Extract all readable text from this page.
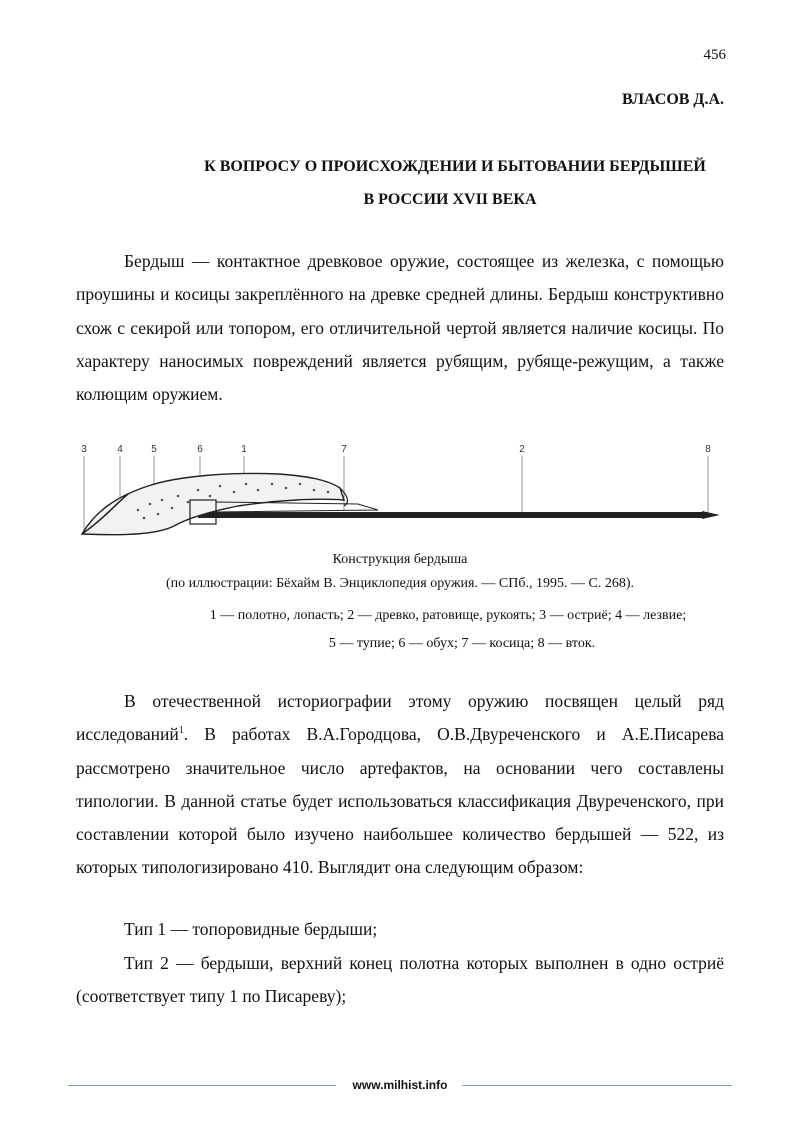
456
ВЛАСОВ Д.А.
К ВОПРОСУ О ПРОИСХОЖДЕНИИ И БЫТОВАНИИ БЕРДЫШЕЙ
В РОССИИ XVII ВЕКА

Бердыш — контактное древковое оружие, состоящее из железка, с помощью проушины и косицы закреплённого на древке средней длины. Бердыш конструктивно схож с секирой или топором, его отличительной чертой является наличие косицы. По характеру наносимых повреждений является рубящим, рубяще-режущим, а также колющим оружием.

3	4	5	6	1	7	2	8
Конструкция бердыша
(по иллюстрации: Бёхайм В. Энциклопедия оружия. — СПб., 1995. — С. 268).
1 — полотно, лопасть; 2 — древко, ратовище, рукоять; 3 — остриё; 4 — лезвие;
5 — тупие; 6 — обух; 7 — косица; 8 — вток.

В отечественной историографии этому оружию посвящен целый ряд исследований$^1$. В работах В.А.Городцова, О.В.Двуреченского и А.Е.Писарева рассмотрено значительное число артефактов, на основании чего составлены типологии. В данной статье будет использоваться классификация Двуреченского, при составлении которой было изучено наибольшее количество бердышей — 522, из которых типологизировано 410. Выглядит она следующим образом:

Тип 1 — топоровидные бердыши;

Тип 2 — бердыши, верхний конец полотна которых выполнен в одно остриё (соответствует типу 1 по Писареву);

www.milhist.info
